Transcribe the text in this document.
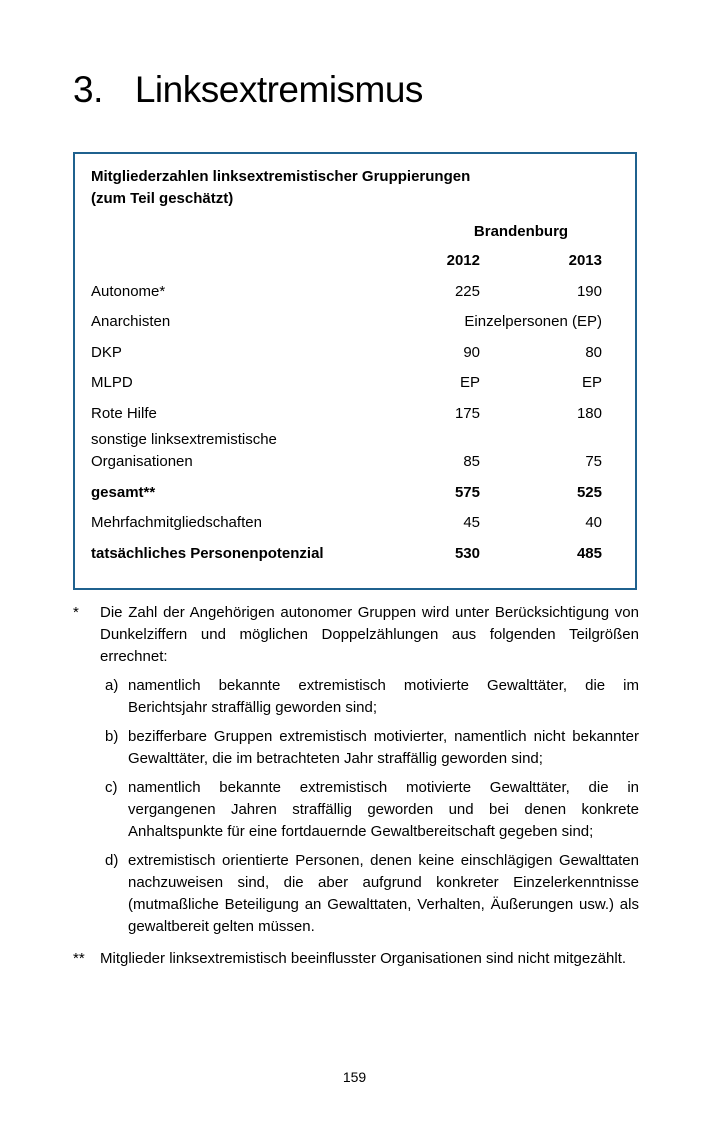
3. Linksextremismus
Mitgliederzahlen linksextremistischer Gruppierungen
(zum Teil geschätzt)
Brandenburg
2012	2013
Autonome*	225	190
Anarchisten	Einzelpersonen (EP)
DKP	90	80
MLPD	EP	EP
Rote Hilfe	175	180
sonstige linksextremistische
Organisationen	85	75
gesamt**	575	525
Mehrfachmitgliedschaften	45	40
tatsächliches Personenpotenzial	530	485
*	Die Zahl der Angehörigen autonomer Gruppen wird unter Berücksichtigung von Dunkelziffern und möglichen Doppelzählungen aus folgenden Teilgrößen errechnet:
a) namentlich bekannte extremistisch motivierte Gewalttäter, die im Berichtsjahr straffällig geworden sind;
b) bezifferbare Gruppen extremistisch motivierter, namentlich nicht bekannter Gewalttäter, die im betrachteten Jahr straffällig geworden sind;
c) namentlich bekannte extremistisch motivierte Gewalttäter, die in vergangenen Jahren straffällig geworden und bei denen konkrete Anhaltspunkte für eine fortdauernde Gewaltbereitschaft gegeben sind;
d) extremistisch orientierte Personen, denen keine einschlägigen Gewalttaten nachzuweisen sind, die aber aufgrund konkreter Einzelerkenntnisse (mutmaßliche Beteiligung an Gewalttaten, Verhalten, Äußerungen usw.) als gewaltbereit gelten müssen.
**	Mitglieder linksextremistisch beeinflusster Organisationen sind nicht mitgezählt.
159
